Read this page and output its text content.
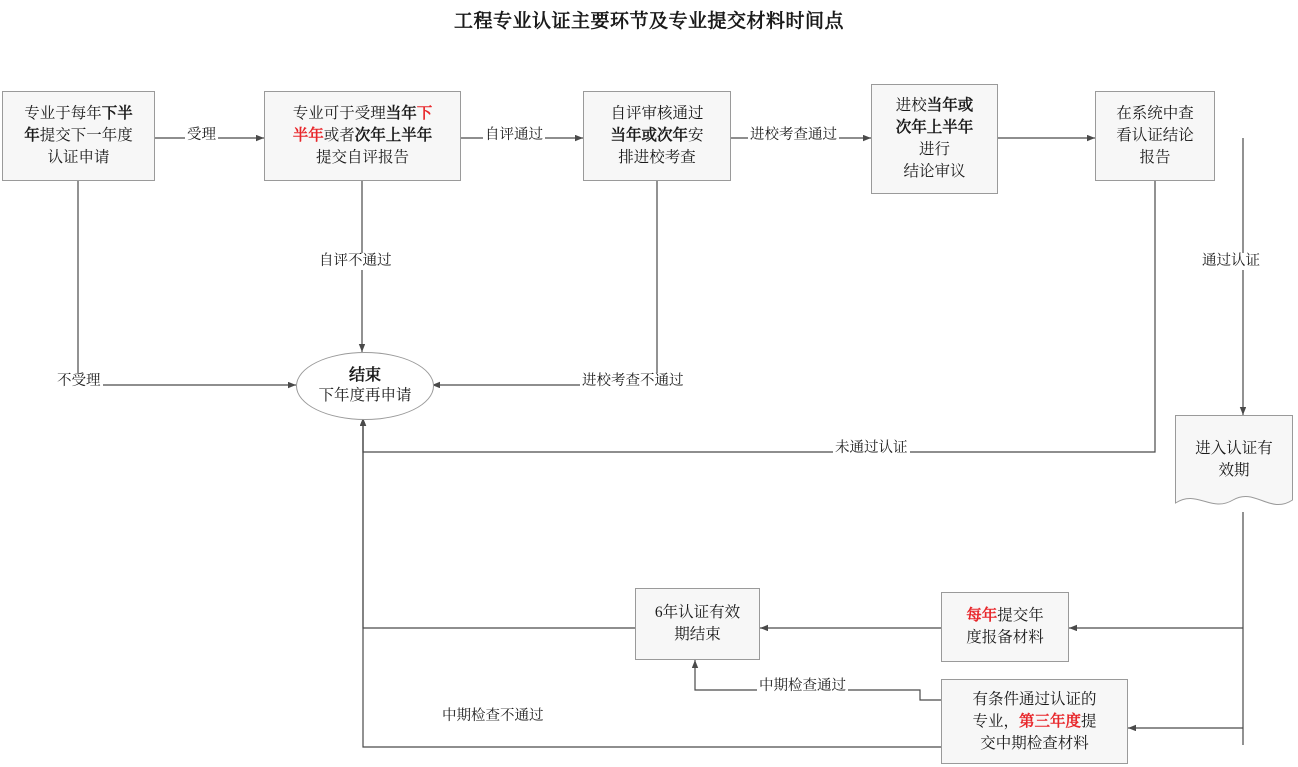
工程专业认证主要环节及专业提交材料时间点
专业于每年下半
年提交下一年度
认证申请
专业可于受理当年下
半年或者次年上半年
提交自评报告
自评审核通过
当年或次年安
排进校考查
进校当年或
次年上半年
进行
结论审议
在系统中查
看认证结论
报告
进入认证有
效期
结束
下年度再申请
6年认证有效
期结束
每年提交年
度报备材料
有条件通过认证的
专业，第三年度提
交中期检查材料
受理
不受理
自评通过
自评不通过
进校考查通过
进校考查不通过
通过认证
未通过认证
中期检查通过
中期检查不通过
